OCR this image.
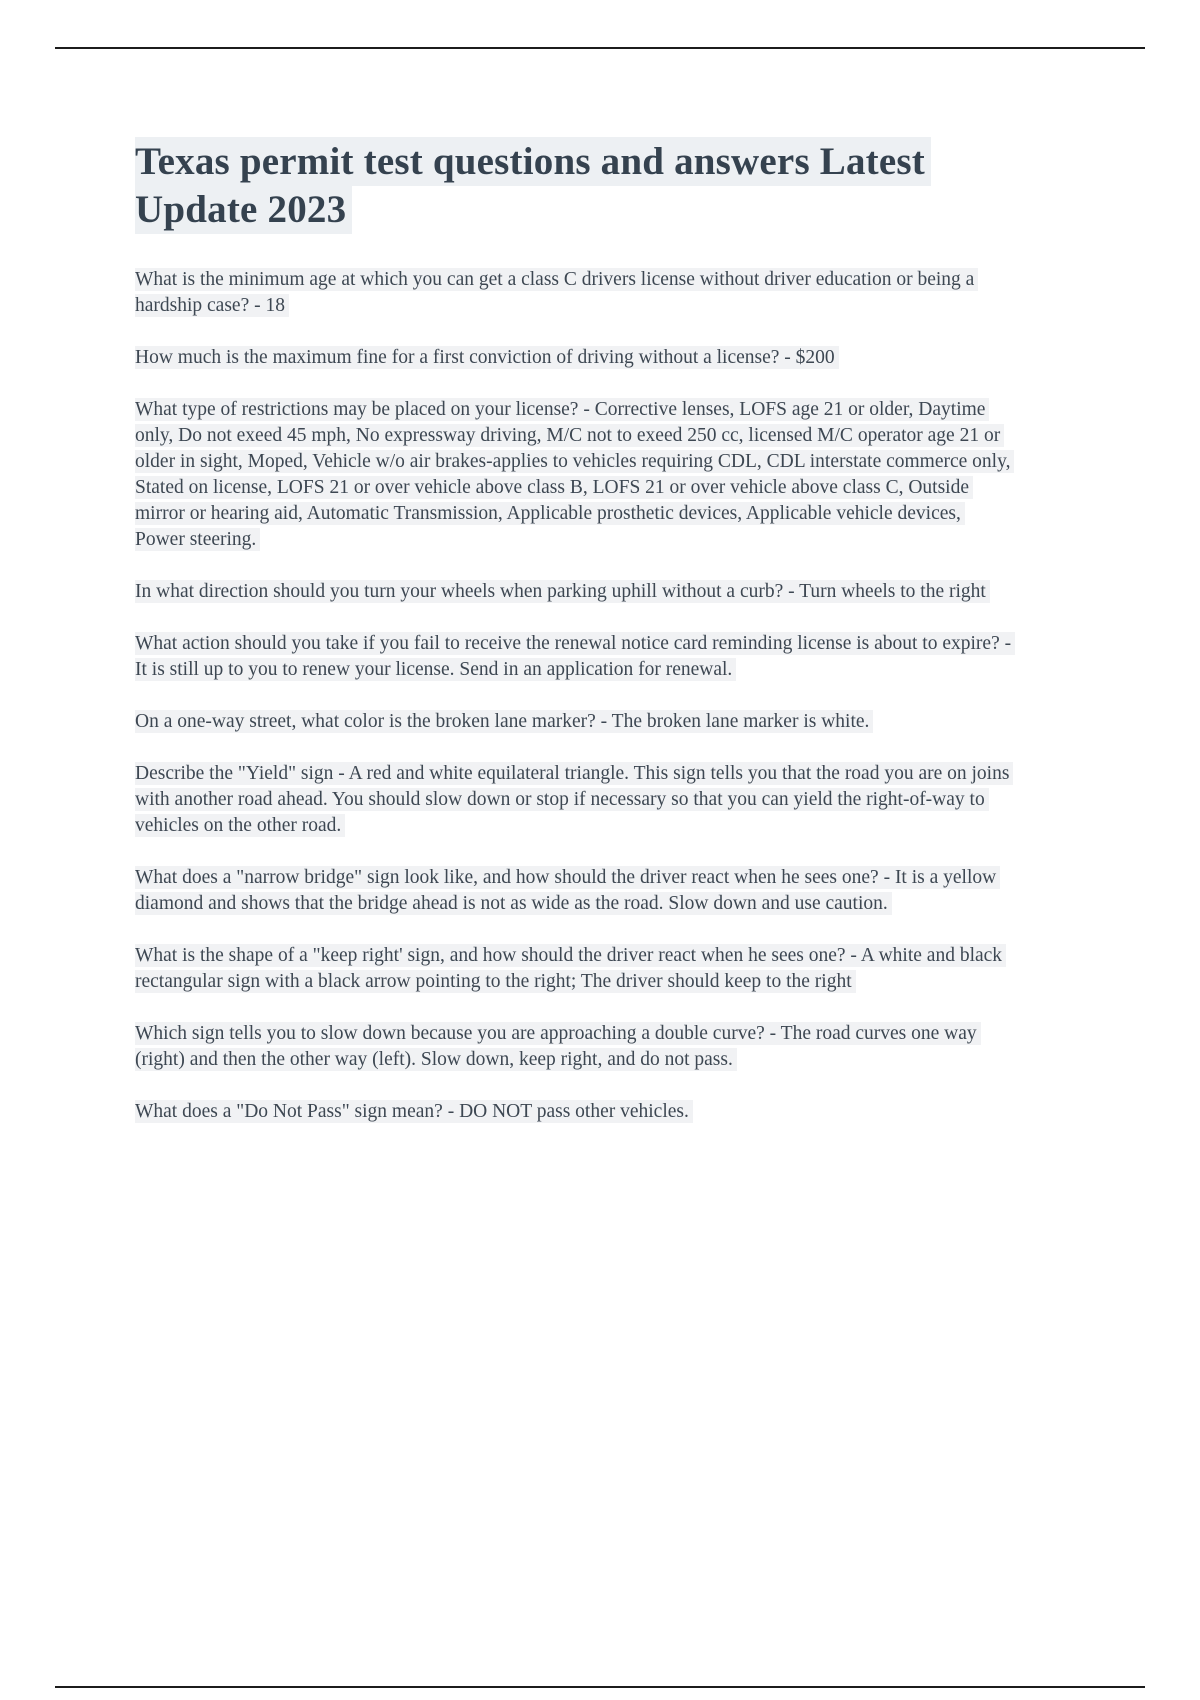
Texas permit test questions and answers Latest Update 2023

What is the minimum age at which you can get a class C drivers license without driver education or being a hardship case? - 18

How much is the maximum fine for a first conviction of driving without a license? - $200

What type of restrictions may be placed on your license? - Corrective lenses, LOFS age 21 or older, Daytime only, Do not exeed 45 mph, No expressway driving, M/C not to exeed 250 cc, licensed M/C operator age 21 or older in sight, Moped, Vehicle w/o air brakes-applies to vehicles requiring CDL, CDL interstate commerce only, Stated on license, LOFS 21 or over vehicle above class B, LOFS 21 or over vehicle above class C, Outside mirror or hearing aid, Automatic Transmission, Applicable prosthetic devices, Applicable vehicle devices, Power steering.

In what direction should you turn your wheels when parking uphill without a curb? - Turn wheels to the right

What action should you take if you fail to receive the renewal notice card reminding license is about to expire? - It is still up to you to renew your license. Send in an application for renewal.

On a one-way street, what color is the broken lane marker? - The broken lane marker is white.

Describe the "Yield" sign - A red and white equilateral triangle. This sign tells you that the road you are on joins with another road ahead. You should slow down or stop if necessary so that you can yield the right-of-way to vehicles on the other road.

What does a "narrow bridge" sign look like, and how should the driver react when he sees one? - It is a yellow diamond and shows that the bridge ahead is not as wide as the road. Slow down and use caution.

What is the shape of a "keep right' sign, and how should the driver react when he sees one? - A white and black rectangular sign with a black arrow pointing to the right; The driver should keep to the right

Which sign tells you to slow down because you are approaching a double curve? - The road curves one way (right) and then the other way (left). Slow down, keep right, and do not pass.

What does a "Do Not Pass" sign mean? - DO NOT pass other vehicles.
